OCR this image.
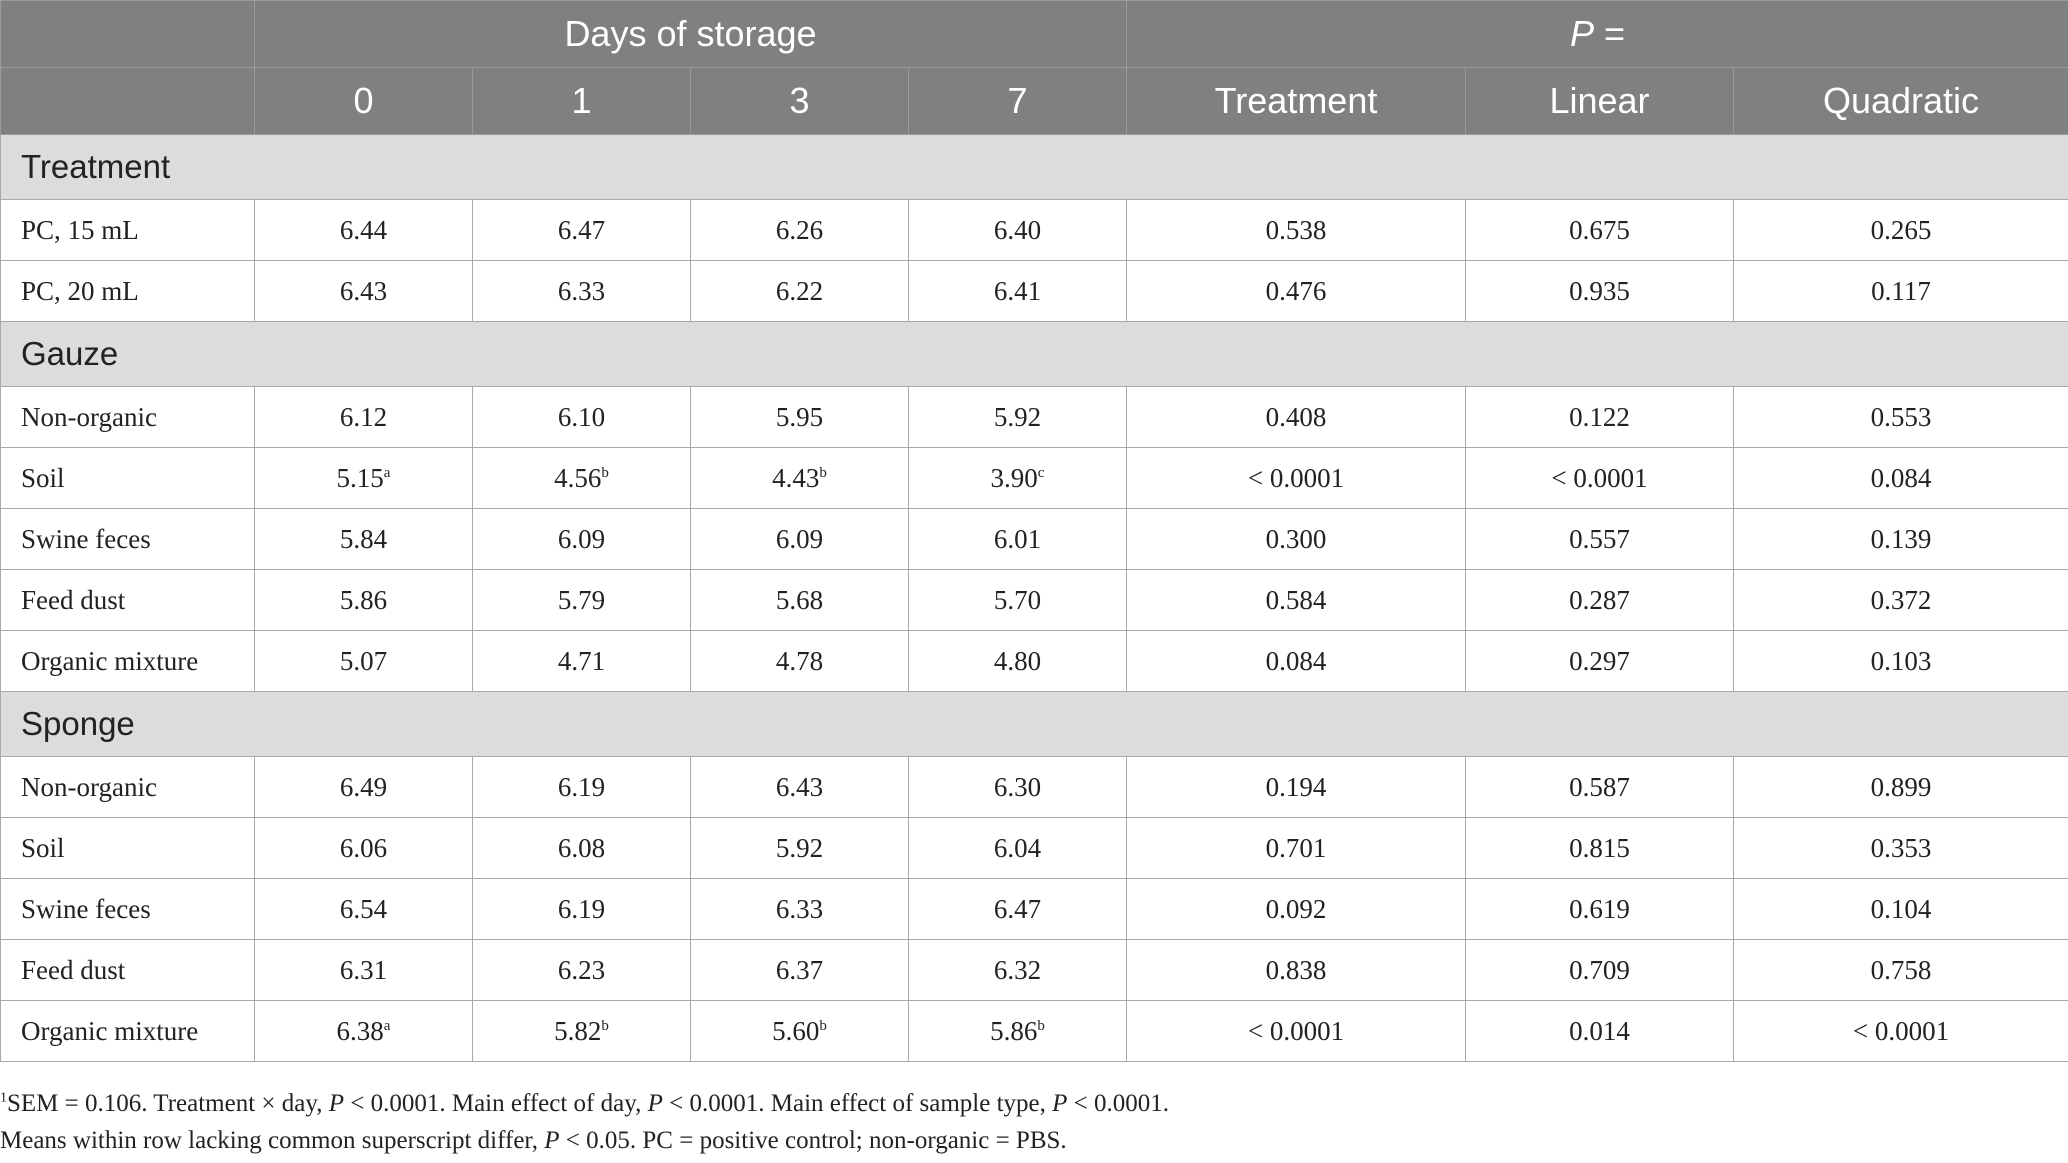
	Days of storage				P =		
	0	1	3	7	Treatment	Linear	Quadratic
Treatment							
PC, 15 mL	6.44	6.47	6.26	6.40	0.538	0.675	0.265
PC, 20 mL	6.43	6.33	6.22	6.41	0.476	0.935	0.117
Gauze							
Non-organic	6.12	6.10	5.95	5.92	0.408	0.122	0.553
Soil	5.15$^a$	4.56$^b$	4.43$^b$	3.90$^c$	< 0.0001	< 0.0001	0.084
Swine feces	5.84	6.09	6.09	6.01	0.300	0.557	0.139
Feed dust	5.86	5.79	5.68	5.70	0.584	0.287	0.372
Organic mixture	5.07	4.71	4.78	4.80	0.084	0.297	0.103
Sponge							
Non-organic	6.49	6.19	6.43	6.30	0.194	0.587	0.899
Soil	6.06	6.08	5.92	6.04	0.701	0.815	0.353
Swine feces	6.54	6.19	6.33	6.47	0.092	0.619	0.104
Feed dust	6.31	6.23	6.37	6.32	0.838	0.709	0.758
Organic mixture	6.38$^a$	5.82$^b$	5.60$^b$	5.86$^b$	< 0.0001	0.014	< 0.0001
$^1$SEM = 0.106. Treatment × day, P < 0.0001. Main effect of day, P < 0.0001. Main effect of sample type, P < 0.0001.
Means within row lacking common superscript differ, P < 0.05. PC = positive control; non-organic = PBS.
